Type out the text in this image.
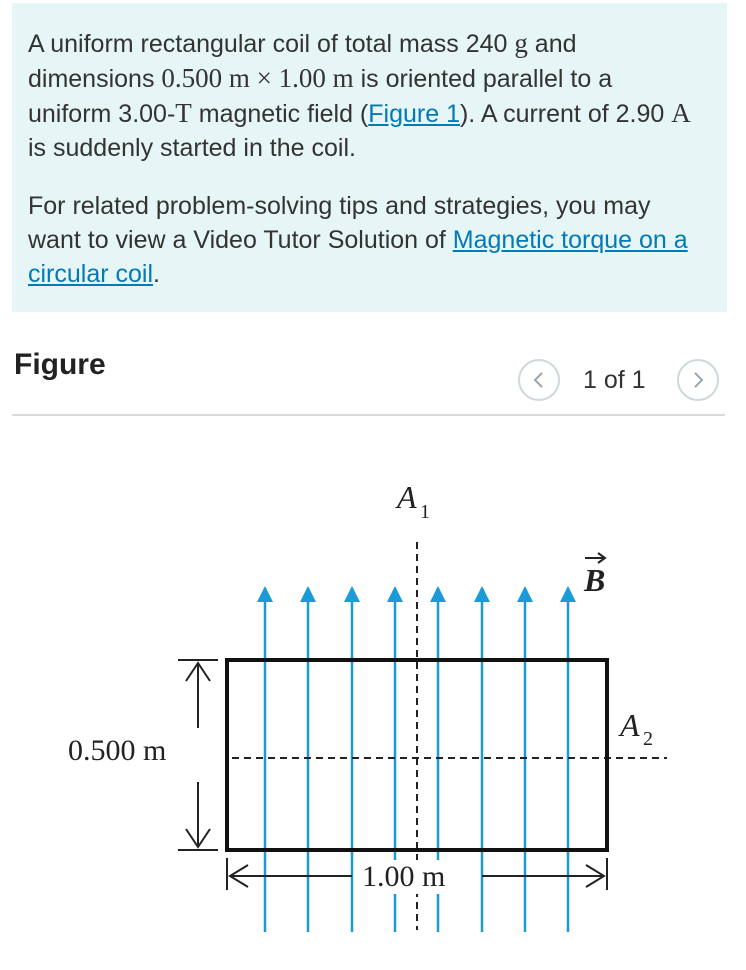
A uniform rectangular coil of total mass 240 g and dimensions 0.500 m × 1.00 m is oriented parallel to a uniform 3.00-T magnetic field (Figure 1). A current of 2.90 A is suddenly started in the coil.

For related problem-solving tips and strategies, you may want to view a Video Tutor Solution of Magnetic torque on a circular coil.

Figure	1 of 1
0.500 m
1.00 m
A 1
A 2
B
